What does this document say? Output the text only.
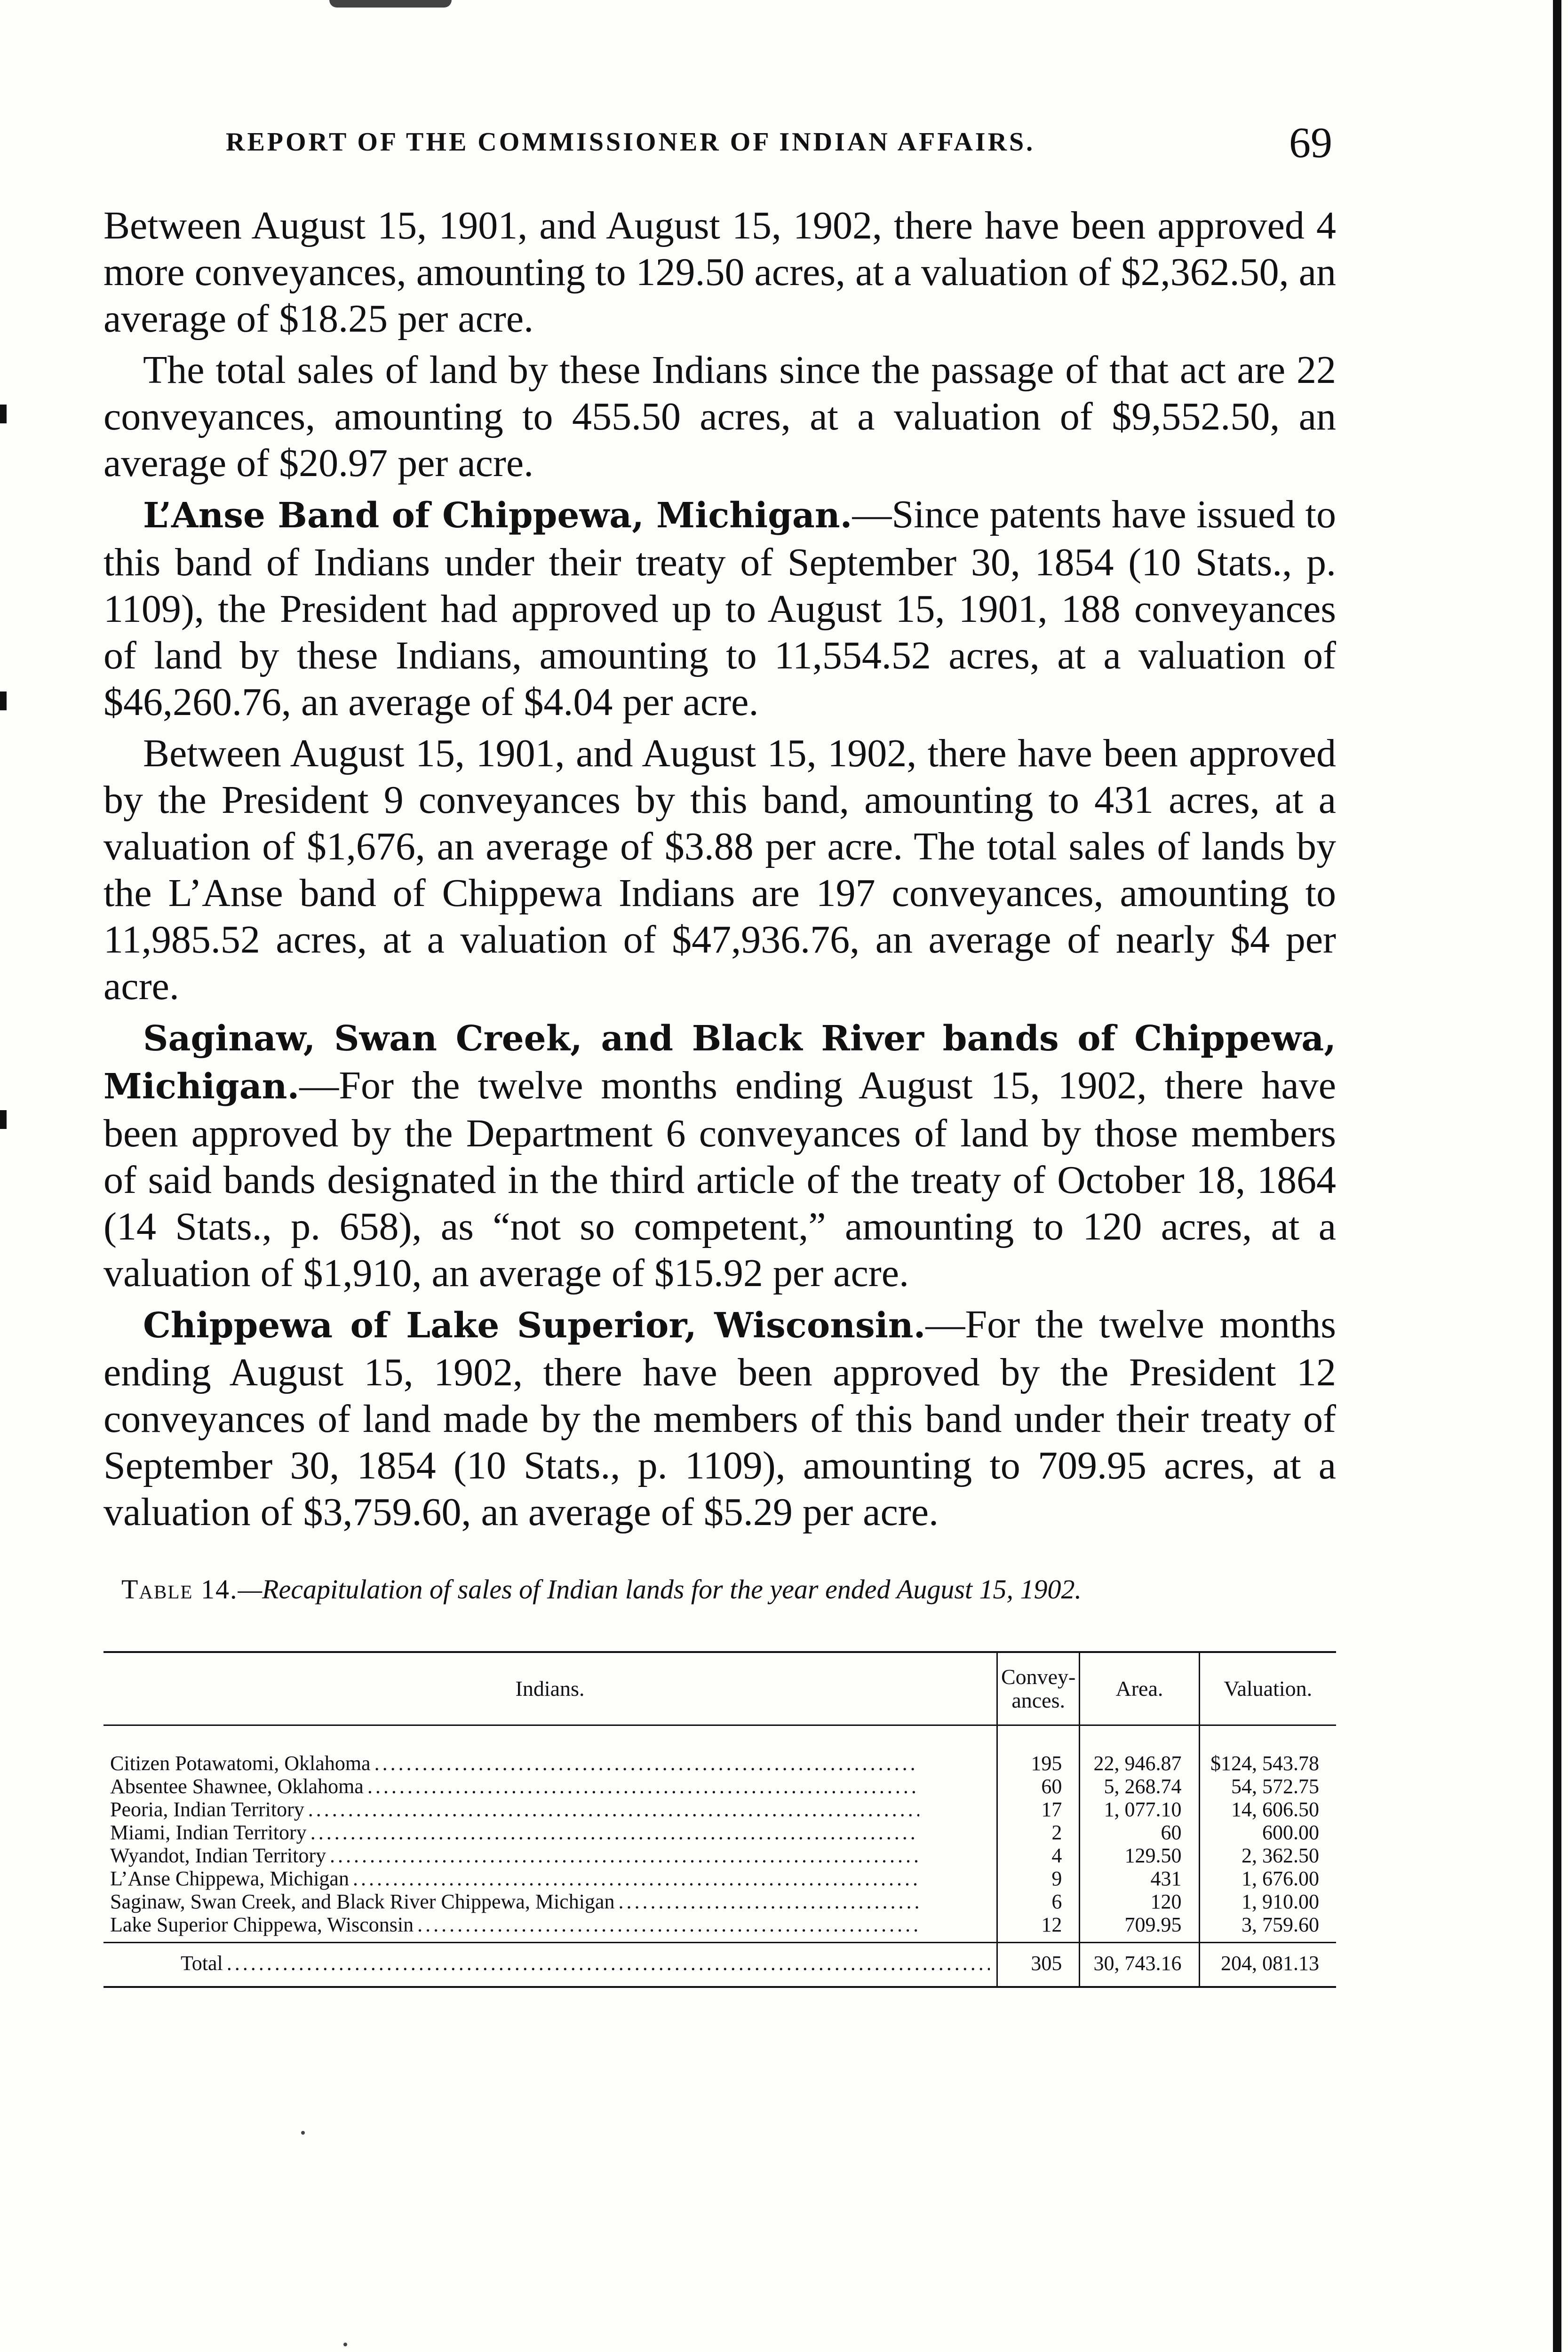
REPORT OF THE COMMISSIONER OF INDIAN AFFAIRS.	69

Between August 15, 1901, and August 15, 1902, there have been approved 4 more conveyances, amounting to 129.50 acres, at a valuation of $2,362.50, an average of $18.25 per acre.

The total sales of land by these Indians since the passage of that act are 22 conveyances, amounting to 455.50 acres, at a valuation of $9,552.50, an average of $20.97 per acre.

L’Anse Band of Chippewa, Michigan.—Since patents have issued to this band of Indians under their treaty of September 30, 1854 (10 Stats., p. 1109), the President had approved up to August 15, 1901, 188 conveyances of land by these Indians, amounting to 11,554.52 acres, at a valuation of $46,260.76, an average of $4.04 per acre.

Between August 15, 1901, and August 15, 1902, there have been approved by the President 9 conveyances by this band, amounting to 431 acres, at a valuation of $1,676, an average of $3.88 per acre. The total sales of lands by the L’Anse band of Chippewa Indians are 197 conveyances, amounting to 11,985.52 acres, at a valuation of $47,936.76, an average of nearly $4 per acre.

Saginaw, Swan Creek, and Black River bands of Chippewa, Michigan.—For the twelve months ending August 15, 1902, there have been approved by the Department 6 conveyances of land by those members of said bands designated in the third article of the treaty of October 18, 1864 (14 Stats., p. 658), as “not so competent,” amounting to 120 acres, at a valuation of $1,910, an average of $15.92 per acre.

Chippewa of Lake Superior, Wisconsin.—For the twelve months ending August 15, 1902, there have been approved by the President 12 conveyances of land made by the members of this band under their treaty of September 30, 1854 (10 Stats., p. 1109), amounting to 709.95 acres, at a valuation of $3,759.60, an average of $5.29 per acre.

Table 14.—Recapitulation of sales of Indian lands for the year ended August 15, 1902.
Indians.	Convey-ances.	Area.	Valuation.

Citizen Potawatomi, Oklahoma
.....	195	22, 946.87	$124, 543.78

Absentee Shawnee, Oklahoma
.....	60	5, 268.74	54, 572.75

Peoria, Indian Territory
.....	17	1, 077.10	14, 606.50

Miami, Indian Territory
.....	2	60	600.00

Wyandot, Indian Territory
.....	4	129.50	2, 362.50

L’Anse Chippewa, Michigan
.....	9	431	1, 676.00

Saginaw, Swan Creek, and Black River Chippewa, Michigan
.....	6	120	1, 910.00

Lake Superior Chippewa, Wisconsin
.....	12	709.95	3, 759.60

Total
.....	305	30, 743.16	204, 081.13
